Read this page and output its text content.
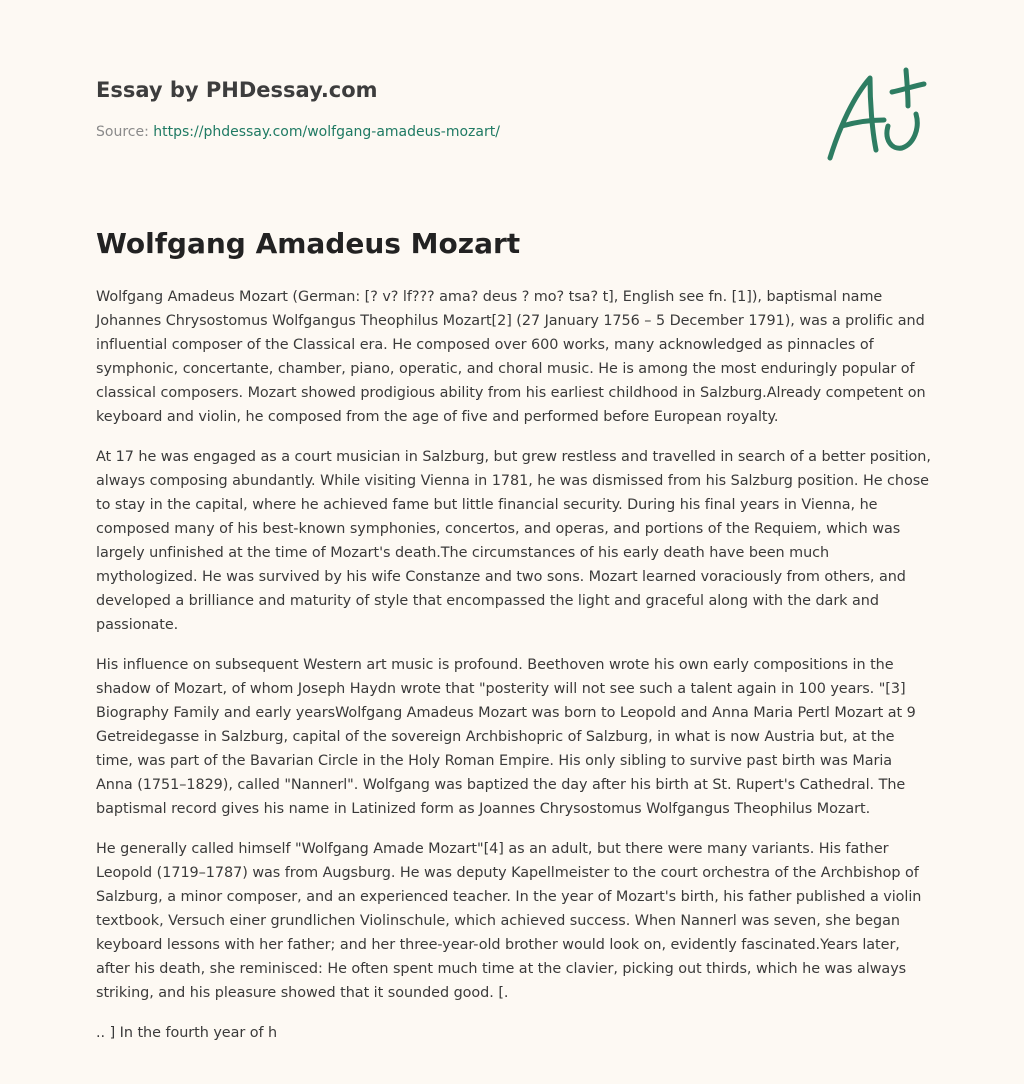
Essay by PHDessay.com
Source: https://phdessay.com/wolfgang-amadeus-mozart/
Wolfgang Amadeus Mozart

Wolfgang Amadeus Mozart (German: [? v? lf??? ama? deus ? mo? tsa? t], English see fn. [1]), baptismal name Johannes Chrysostomus Wolfgangus Theophilus Mozart[2] (27 January 1756 – 5 December 1791), was a prolific and influential composer of the Classical era. He composed over 600 works, many acknowledged as pinnacles of symphonic, concertante, chamber, piano, operatic, and choral music. He is among the most enduringly popular of classical composers. Mozart showed prodigious ability from his earliest childhood in Salzburg.Already competent on keyboard and violin, he composed from the age of five and performed before European royalty.

At 17 he was engaged as a court musician in Salzburg, but grew restless and travelled in search of a better position, always composing abundantly. While visiting Vienna in 1781, he was dismissed from his Salzburg position. He chose to stay in the capital, where he achieved fame but little financial security. During his final years in Vienna, he composed many of his best-known symphonies, concertos, and operas, and portions of the Requiem, which was largely unfinished at the time of Mozart's death.The circumstances of his early death have been much mythologized. He was survived by his wife Constanze and two sons. Mozart learned voraciously from others, and developed a brilliance and maturity of style that encompassed the light and graceful along with the dark and passionate.

His influence on subsequent Western art music is profound. Beethoven wrote his own early compositions in the shadow of Mozart, of whom Joseph Haydn wrote that "posterity will not see such a talent again in 100 years. "[3] Biography Family and early yearsWolfgang Amadeus Mozart was born to Leopold and Anna Maria Pertl Mozart at 9 Getreidegasse in Salzburg, capital of the sovereign Archbishopric of Salzburg, in what is now Austria but, at the time, was part of the Bavarian Circle in the Holy Roman Empire. His only sibling to survive past birth was Maria Anna (1751–1829), called "Nannerl". Wolfgang was baptized the day after his birth at St. Rupert's Cathedral. The baptismal record gives his name in Latinized form as Joannes Chrysostomus Wolfgangus Theophilus Mozart.

He generally called himself "Wolfgang Amade Mozart"[4] as an adult, but there were many variants. His father Leopold (1719–1787) was from Augsburg. He was deputy Kapellmeister to the court orchestra of the Archbishop of Salzburg, a minor composer, and an experienced teacher. In the year of Mozart's birth, his father published a violin textbook, Versuch einer grundlichen Violinschule, which achieved success. When Nannerl was seven, she began keyboard lessons with her father; and her three-year-old brother would look on, evidently fascinated.Years later, after his death, she reminisced: He often spent much time at the clavier, picking out thirds, which he was always striking, and his pleasure showed that it sounded good. [.

.. ] In the fourth year of h
